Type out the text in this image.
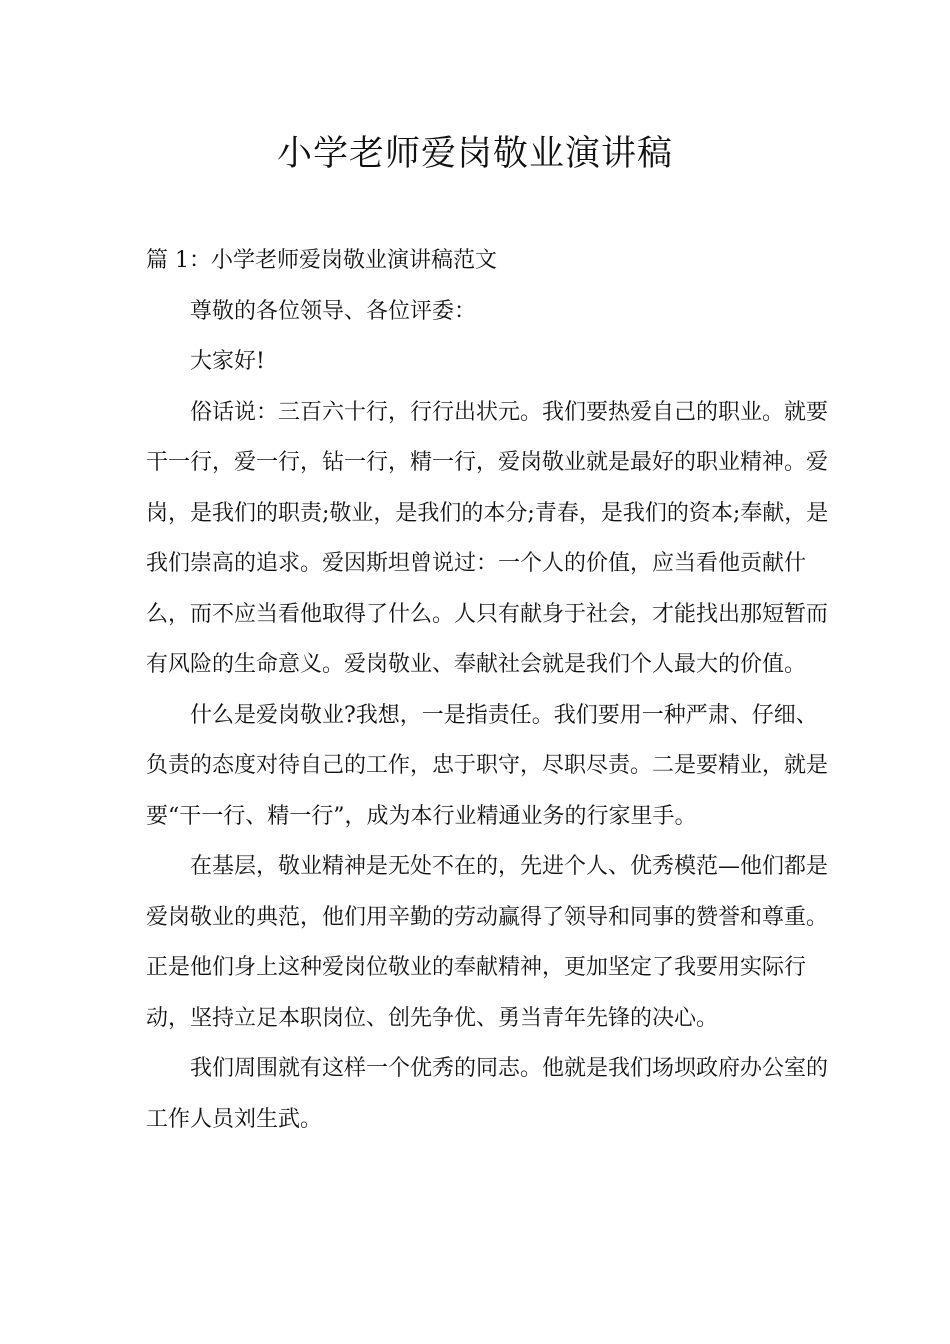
小学老师爱岗敬业演讲稿

篇 1：小学老师爱岗敬业演讲稿范文

尊敬的各位领导、各位评委：

大家好!

俗话说：三百六十行，行行出状元。我们要热爱自己的职业。就要干一行，爱一行，钻一行，精一行，爱岗敬业就是最好的职业精神。爱岗，是我们的职责;敬业，是我们的本分;青春，是我们的资本;奉献，是我们崇高的追求。爱因斯坦曾说过：一个人的价值，应当看他贡献什么，而不应当看他取得了什么。人只有献身于社会，才能找出那短暂而有风险的生命意义。爱岗敬业、奉献社会就是我们个人最大的价值。

什么是爱岗敬业?我想，一是指责任。我们要用一种严肃、仔细、负责的态度对待自己的工作，忠于职守，尽职尽责。二是要精业，就是要“干一行、精一行”，成为本行业精通业务的行家里手。

在基层，敬业精神是无处不在的，先进个人、优秀模范—他们都是爱岗敬业的典范，他们用辛勤的劳动赢得了领导和同事的赞誉和尊重。正是他们身上这种爱岗位敬业的奉献精神，更加坚定了我要用实际行动，坚持立足本职岗位、创先争优、勇当青年先锋的决心。

我们周围就有这样一个优秀的同志。他就是我们场坝政府办公室的工作人员刘生武。
